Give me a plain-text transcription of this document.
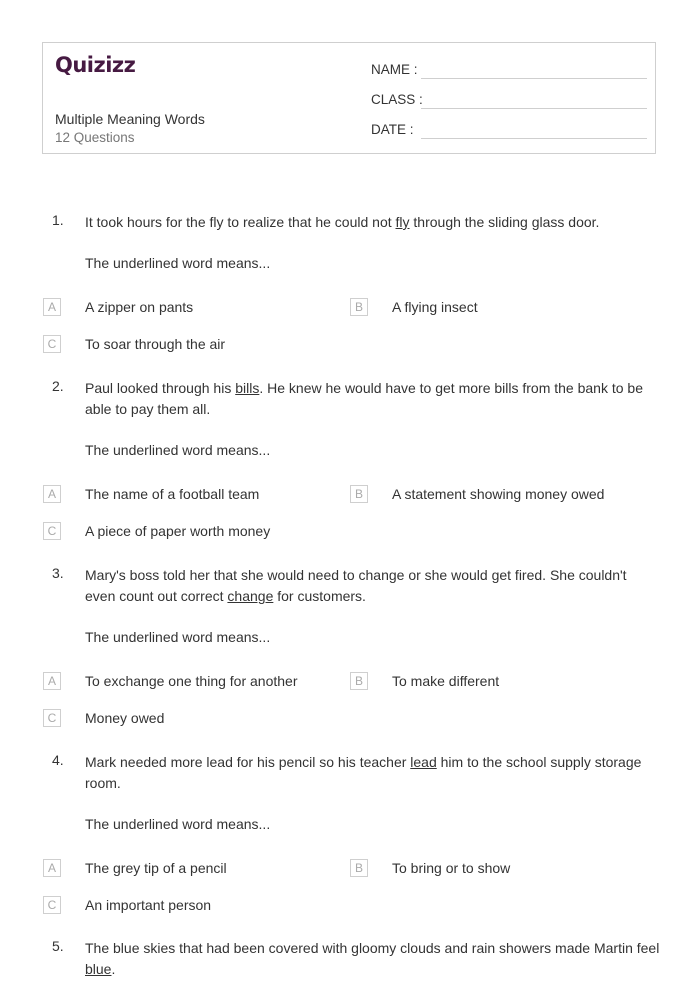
Quizizz
Multiple Meaning Words
12 Questions
NAME :
CLASS :
DATE :
1. It took hours for the fly to realize that he could not fly through the sliding glass door.
The underlined word means...
A	A zipper on pants	B	A flying insect
C	To soar through the air
2. Paul looked through his bills. He knew he would have to get more bills from the bank to be able to pay them all.
The underlined word means...
A	The name of a football team	B	A statement showing money owed
C	A piece of paper worth money
3. Mary's boss told her that she would need to change or she would get fired. She couldn't even count out correct change for customers.
The underlined word means...
A	To exchange one thing for another	B	To make different
C	Money owed
4. Mark needed more lead for his pencil so his teacher lead him to the school supply storage room.
The underlined word means...
A	The grey tip of a pencil	B	To bring or to show
C	An important person
5. The blue skies that had been covered with gloomy clouds and rain showers made Martin feel blue.
